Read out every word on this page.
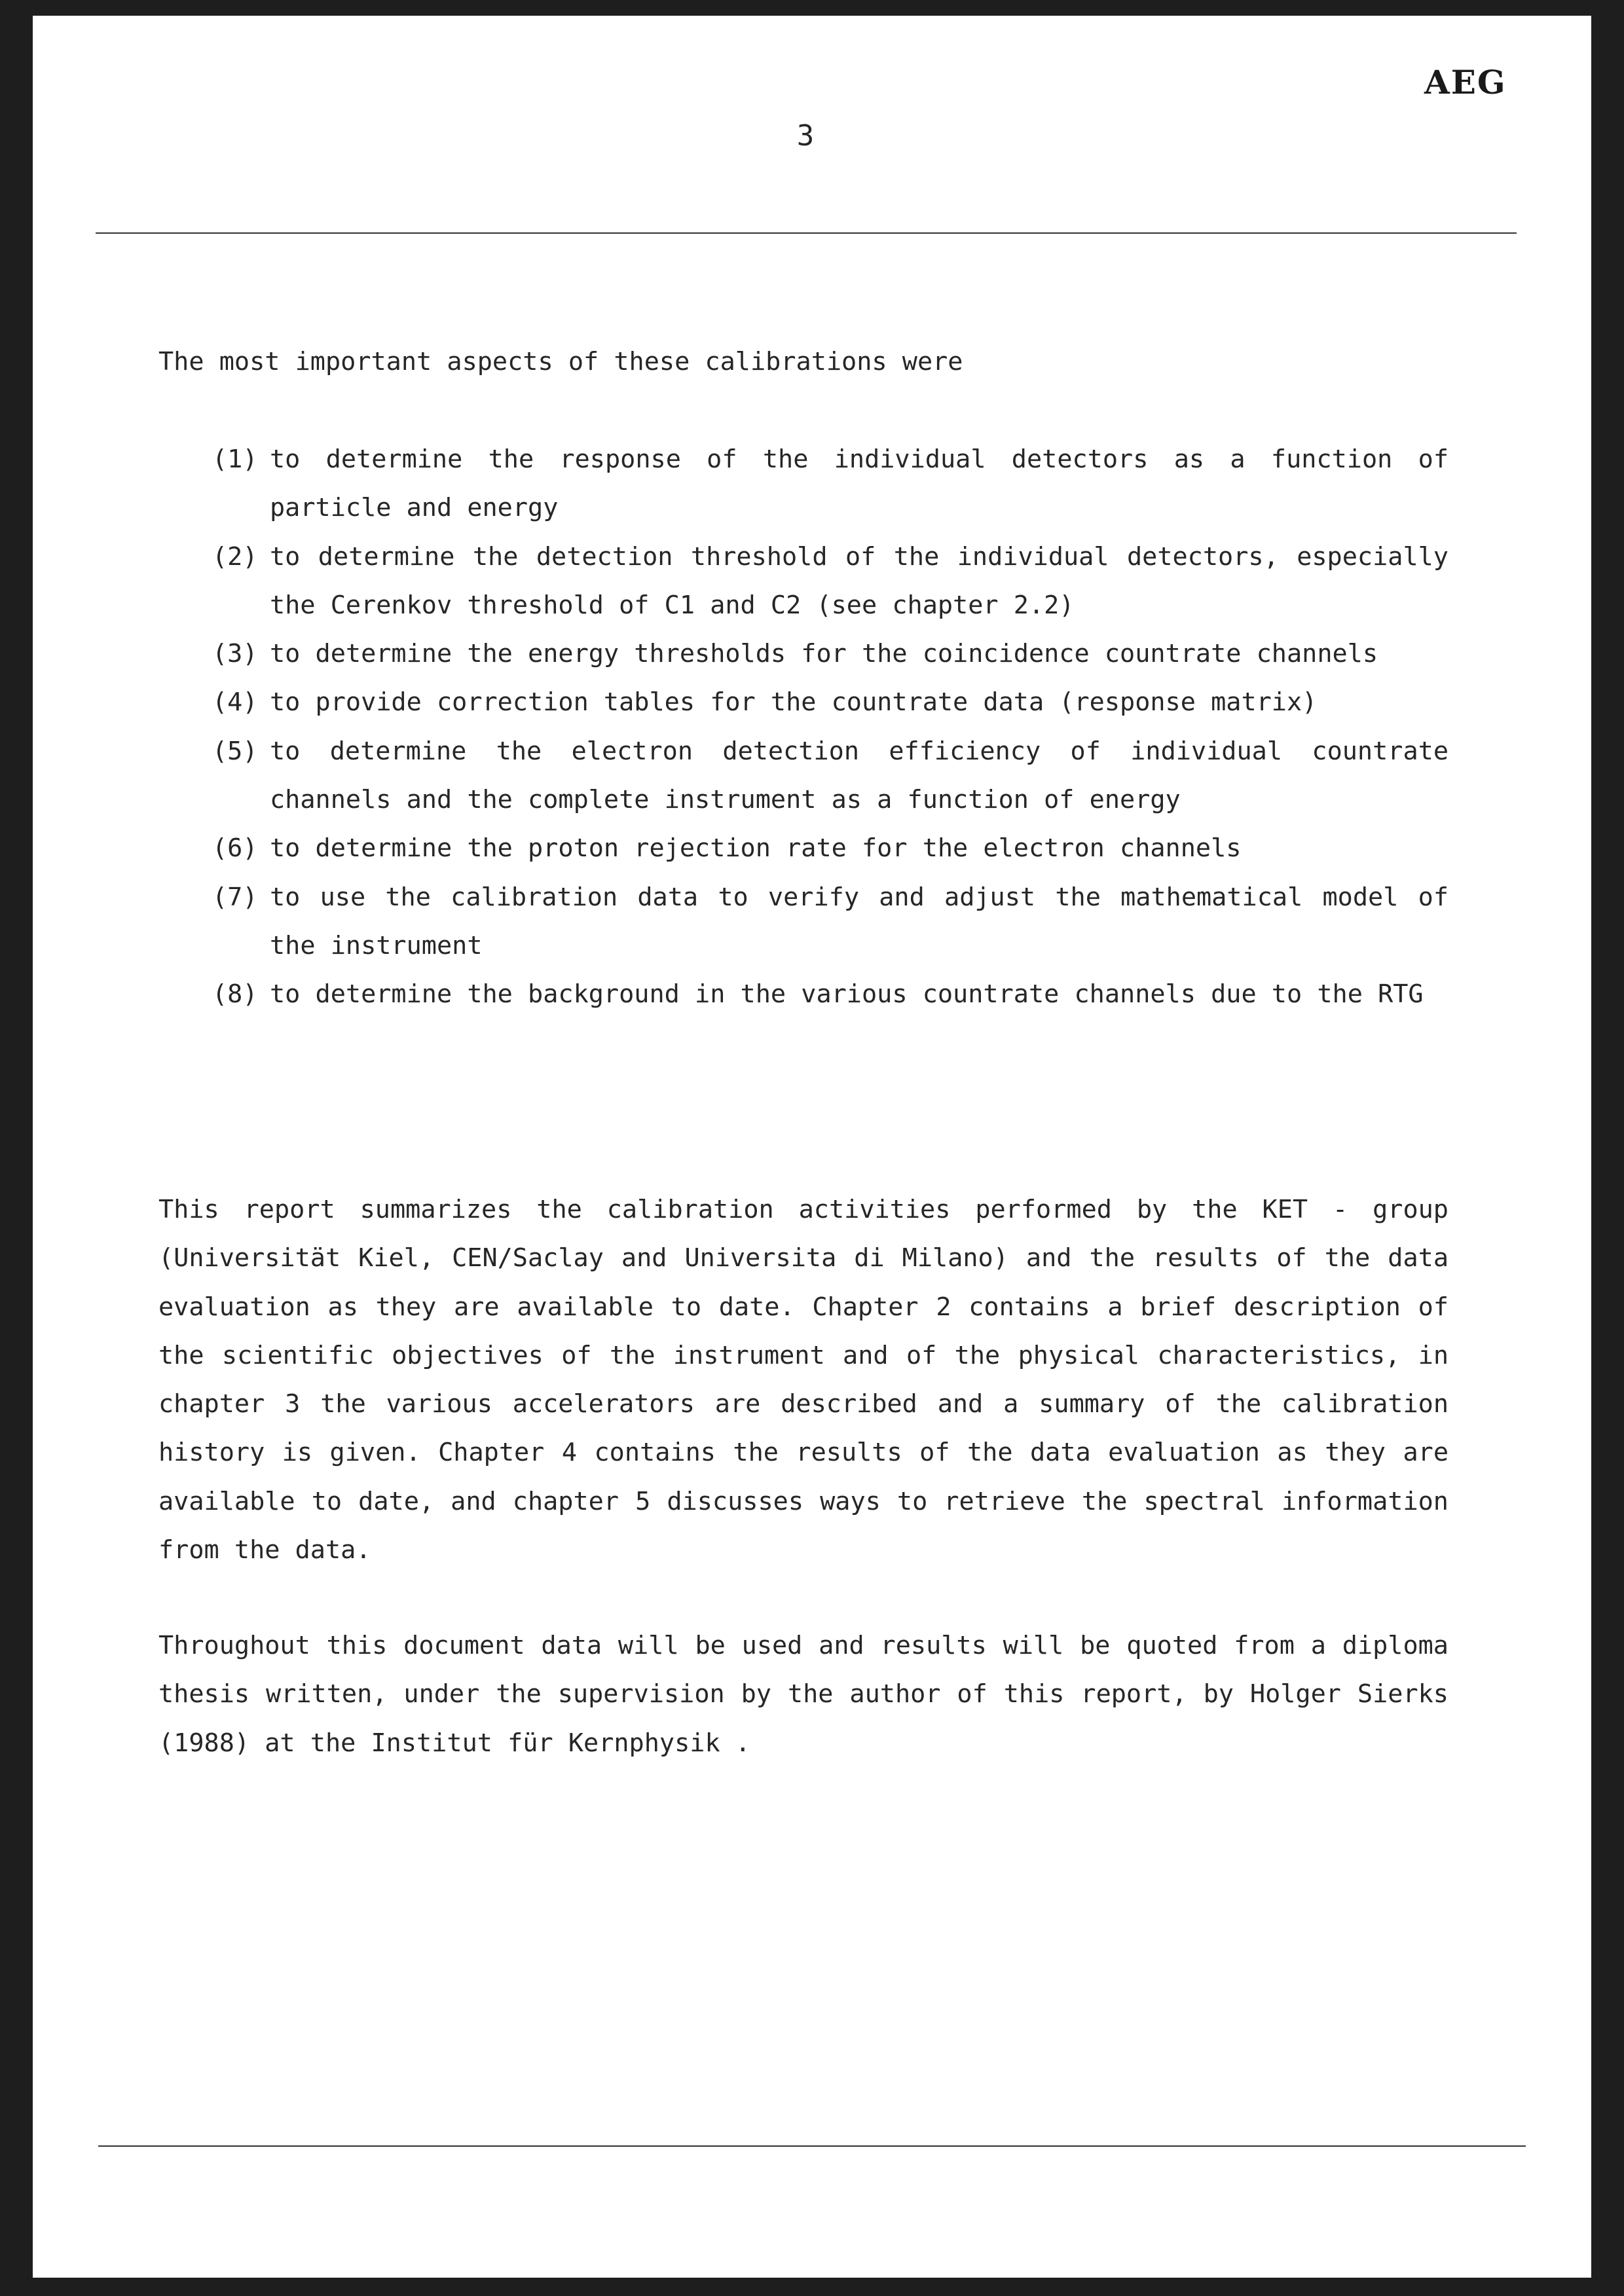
AEG
3
The most important aspects of these calibrations were
(1) to determine the response of the individual detectors as a function of particle and energy
(2) to determine the detection threshold of the individual detectors, especially the Cerenkov threshold of C1 and C2 (see chapter 2.2)
(3) to determine the energy thresholds for the coincidence countrate channels
(4) to provide correction tables for the countrate data (response matrix)
(5) to determine the electron detection efficiency of individual countrate channels and the complete instrument as a function of energy
(6) to determine the proton rejection rate for the electron channels
(7) to use the calibration data to verify and adjust the mathematical model of the instrument
(8) to determine the background in the various countrate channels due to the RTG

This report summarizes the calibration activities performed by the KET - group (Universität Kiel, CEN/Saclay and Universita di Milano) and the results of the data evaluation as they are available to date. Chapter 2 contains a brief description of the scientific objectives of the instrument and of the physical characteristics, in chapter 3 the various accelerators are described and a summary of the calibration history is given. Chapter 4 contains the results of the data evaluation as they are available to date, and chapter 5 discusses ways to retrieve the spectral information from the data.

Throughout this document data will be used and results will be quoted from a diploma thesis written, under the supervision by the author of this report, by Holger Sierks (1988) at the Institut für Kernphysik .
